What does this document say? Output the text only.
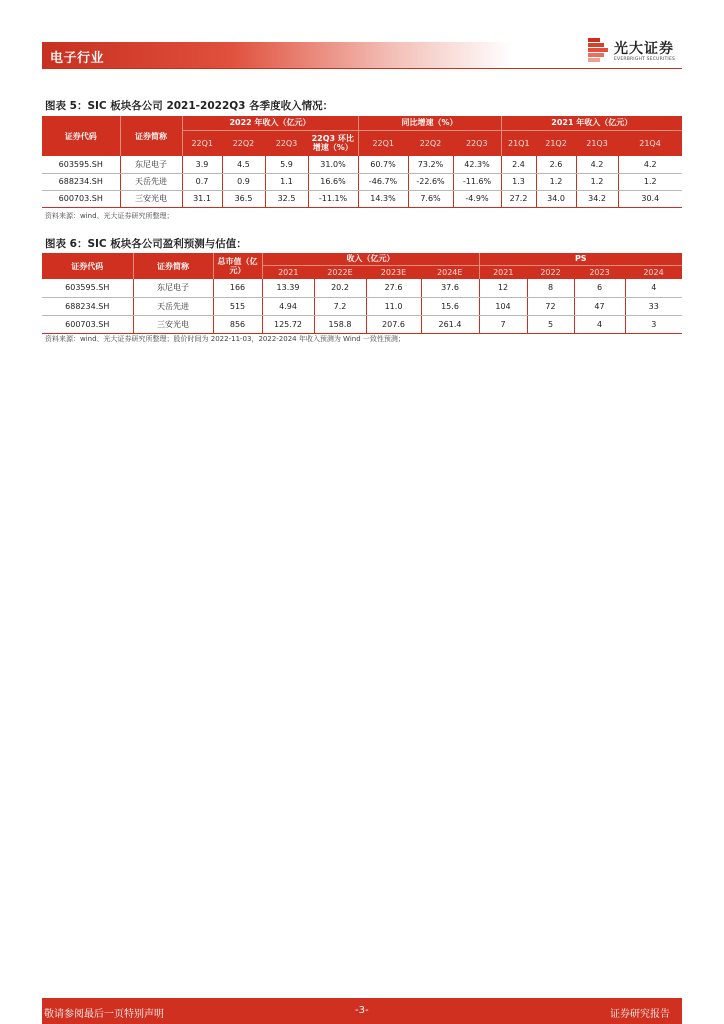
电子行业
光大证券
EVERBRIGHT SECURITIES
图表 5：SIC 板块各公司 2021-2022Q3 各季度收入情况：
证券代码	证券简称	2022 年收入（亿元）				同比增速（%）			2021 年收入（亿元）			
		22Q1	22Q2	22Q3	22Q3 环比增速（%）	22Q1	22Q2	22Q3	21Q1	21Q2	21Q3	21Q4
603595.SH	东尼电子	3.9	4.5	5.9	31.0%	60.7%	73.2%	42.3%	2.4	2.6	4.2	4.2
688234.SH	天岳先进	0.7	0.9	1.1	16.6%	-46.7%	-22.6%	-11.6%	1.3	1.2	1.2	1.2
600703.SH	三安光电	31.1	36.5	32.5	-11.1%	14.3%	7.6%	-4.9%	27.2	34.0	34.2	30.4
资料来源：wind、光大证券研究所整理；
图表 6：SIC 板块各公司盈利预测与估值：
证券代码	证券简称	总市值（亿元）	收入（亿元）				PS			
			2021	2022E	2023E	2024E	2021	2022	2023	2024
603595.SH	东尼电子	166	13.39	20.2	27.6	37.6	12	8	6	4
688234.SH	天岳先进	515	4.94	7.2	11.0	15.6	104	72	47	33
600703.SH	三安光电	856	125.72	158.8	207.6	261.4	7	5	4	3
资料来源：wind、光大证券研究所整理；股价时间为 2022-11-03，2022-2024 年收入预测为 Wind 一致性预测；
敬请参阅最后一页特别声明	-3-	证券研究报告
